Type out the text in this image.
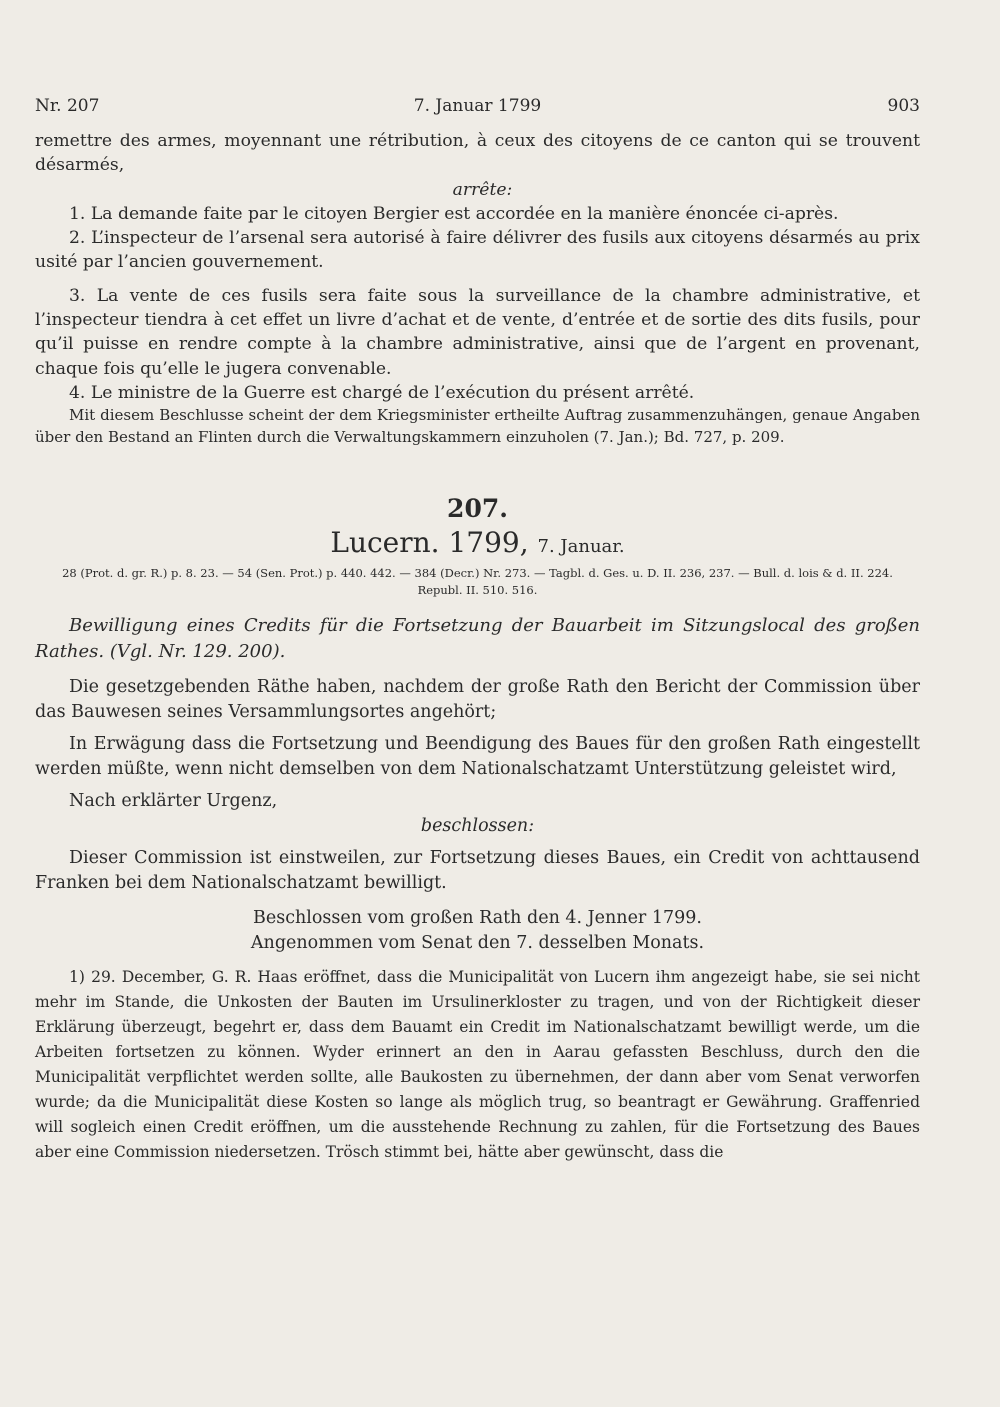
Nr. 207	7. Januar 1799	903

remettre des armes, moyennant une rétribution, à ceux des citoyens de ce canton qui se trouvent désarmés,

arrête:

1. La demande faite par le citoyen Bergier est accordée en la manière énoncée ci-après.

2. L’inspecteur de l’arsenal sera autorisé à faire délivrer des fusils aux citoyens désarmés au prix usité par l’ancien gouvernement.

3. La vente de ces fusils sera faite sous la surveillance de la chambre administrative, et l’inspecteur tiendra à cet effet un livre d’achat et de vente, d’entrée et de sortie des dits fusils, pour qu’il puisse en rendre compte à la chambre administrative, ainsi que de l’argent en provenant, chaque fois qu’elle le jugera convenable.

4. Le ministre de la Guerre est chargé de l’exécution du présent arrêté.

Mit diesem Beschlusse scheint der dem Kriegsminister ertheilte Auftrag zusammenzuhängen, genaue Angaben über den Bestand an Flinten durch die Verwaltungskammern einzuholen (7. Jan.); Bd. 727, p. 209.

207.
Lucern. 1799, 7. Januar.
28 (Prot. d. gr. R.) p. 8. 23. — 54 (Sen. Prot.) p. 440. 442. — 384 (Decr.) Nr. 273. — Tagbl. d. Ges. u. D. II. 236, 237. — Bull. d. lois & d. II. 224.
Republ. II. 510. 516.

Bewilligung eines Credits für die Fortsetzung der Bauarbeit im Sitzungslocal des großen Rathes. (Vgl. Nr. 129. 200).

Die gesetzgebenden Räthe haben, nachdem der große Rath den Bericht der Commission über das Bauwesen seines Versammlungsortes angehört;

In Erwägung dass die Fortsetzung und Beendigung des Baues für den großen Rath eingestellt werden müßte, wenn nicht demselben von dem Nationalschatzamt Unterstützung geleistet wird,

Nach erklärter Urgenz,

beschlossen:

Dieser Commission ist einstweilen, zur Fortsetzung dieses Baues, ein Credit von achttausend Franken bei dem Nationalschatzamt bewilligt.

Beschlossen vom großen Rath den 4. Jenner 1799.

Angenommen vom Senat den 7. desselben Monats.

1) 29. December, G. R. Haas eröffnet, dass die Municipalität von Lucern ihm angezeigt habe, sie sei nicht mehr im Stande, die Unkosten der Bauten im Ursulinerkloster zu tragen, und von der Richtigkeit dieser Erklärung überzeugt, begehrt er, dass dem Bauamt ein Credit im Nationalschatzamt bewilligt werde, um die Arbeiten fortsetzen zu können. Wyder erinnert an den in Aarau gefassten Beschluss, durch den die Municipalität verpflichtet werden sollte, alle Baukosten zu übernehmen, der dann aber vom Senat verworfen wurde; da die Municipalität diese Kosten so lange als möglich trug, so beantragt er Gewährung. Graffenried will sogleich einen Credit eröffnen, um die ausstehende Rechnung zu zahlen, für die Fortsetzung des Baues aber eine Commission niedersetzen. Trösch stimmt bei, hätte aber gewünscht, dass die
